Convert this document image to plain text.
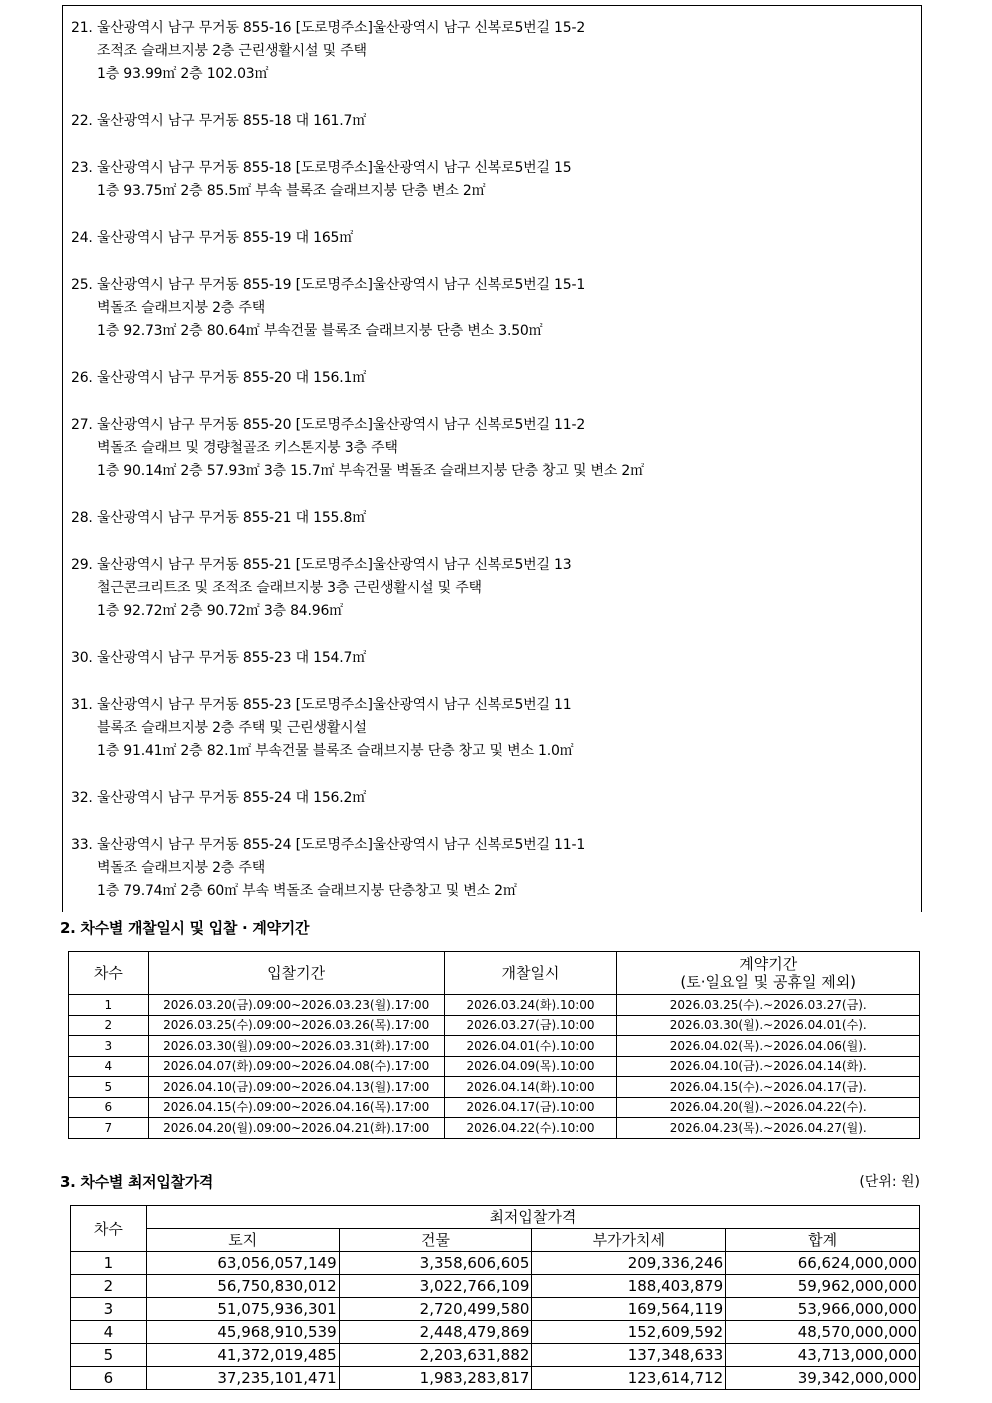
21. 울산광역시 남구 무거동 855-16 [도로명주소]울산광역시 남구 신복로5번길 15-2
조적조 슬래브지붕 2층 근린생활시설 및 주택
1층 93.99㎡ 2층 102.03㎡
22. 울산광역시 남구 무거동 855-18 대 161.7㎡
23. 울산광역시 남구 무거동 855-18 [도로명주소]울산광역시 남구 신복로5번길 15
1층 93.75㎡ 2층 85.5㎡ 부속 블록조 슬래브지붕 단층 변소 2㎡
24. 울산광역시 남구 무거동 855-19 대 165㎡
25. 울산광역시 남구 무거동 855-19 [도로명주소]울산광역시 남구 신복로5번길 15-1
벽돌조 슬래브지붕 2층 주택
1층 92.73㎡ 2층 80.64㎡ 부속건물 블록조 슬래브지붕 단층 변소 3.50㎡
26. 울산광역시 남구 무거동 855-20 대 156.1㎡
27. 울산광역시 남구 무거동 855-20 [도로명주소]울산광역시 남구 신복로5번길 11-2
벽돌조 슬래브 및 경량철골조 키스톤지붕 3층 주택
1층 90.14㎡ 2층 57.93㎡ 3층 15.7㎡ 부속건물 벽돌조 슬래브지붕 단층 창고 및 변소 2㎡
28. 울산광역시 남구 무거동 855-21 대 155.8㎡
29. 울산광역시 남구 무거동 855-21 [도로명주소]울산광역시 남구 신복로5번길 13
철근콘크리트조 및 조적조 슬래브지붕 3층 근린생활시설 및 주택
1층 92.72㎡ 2층 90.72㎡ 3층 84.96㎡
30. 울산광역시 남구 무거동 855-23 대 154.7㎡
31. 울산광역시 남구 무거동 855-23 [도로명주소]울산광역시 남구 신복로5번길 11
블록조 슬래브지붕 2층 주택 및 근린생활시설
1층 91.41㎡ 2층 82.1㎡ 부속건물 블록조 슬래브지붕 단층 창고 및 변소 1.0㎡
32. 울산광역시 남구 무거동 855-24 대 156.2㎡
33. 울산광역시 남구 무거동 855-24 [도로명주소]울산광역시 남구 신복로5번길 11-1
벽돌조 슬래브지붕 2층 주택
1층 79.74㎡ 2층 60㎡ 부속 벽돌조 슬래브지붕 단층창고 및 변소 2㎡
2. 차수별 개찰일시 및 입찰 · 계약기간
차수	입찰기간	개찰일시	계약기간
(토·일요일 및 공휴일 제외)
1	2026.03.20(금).09:00~2026.03.23(월).17:00	2026.03.24(화).10:00	2026.03.25(수).~2026.03.27(금).
2	2026.03.25(수).09:00~2026.03.26(목).17:00	2026.03.27(금).10:00	2026.03.30(월).~2026.04.01(수).
3	2026.03.30(월).09:00~2026.03.31(화).17:00	2026.04.01(수).10:00	2026.04.02(목).~2026.04.06(월).
4	2026.04.07(화).09:00~2026.04.08(수).17:00	2026.04.09(목).10:00	2026.04.10(금).~2026.04.14(화).
5	2026.04.10(금).09:00~2026.04.13(월).17:00	2026.04.14(화).10:00	2026.04.15(수).~2026.04.17(금).
6	2026.04.15(수).09:00~2026.04.16(목).17:00	2026.04.17(금).10:00	2026.04.20(월).~2026.04.22(수).
7	2026.04.20(월).09:00~2026.04.21(화).17:00	2026.04.22(수).10:00	2026.04.23(목).~2026.04.27(월).
3. 차수별 최저입찰가격	(단위: 원)
차수	최저입찰가격			
	토지	건물	부가가치세	합계
1	63,056,057,149	3,358,606,605	209,336,246	66,624,000,000
2	56,750,830,012	3,022,766,109	188,403,879	59,962,000,000
3	51,075,936,301	2,720,499,580	169,564,119	53,966,000,000
4	45,968,910,539	2,448,479,869	152,609,592	48,570,000,000
5	41,372,019,485	2,203,631,882	137,348,633	43,713,000,000
6	37,235,101,471	1,983,283,817	123,614,712	39,342,000,000
